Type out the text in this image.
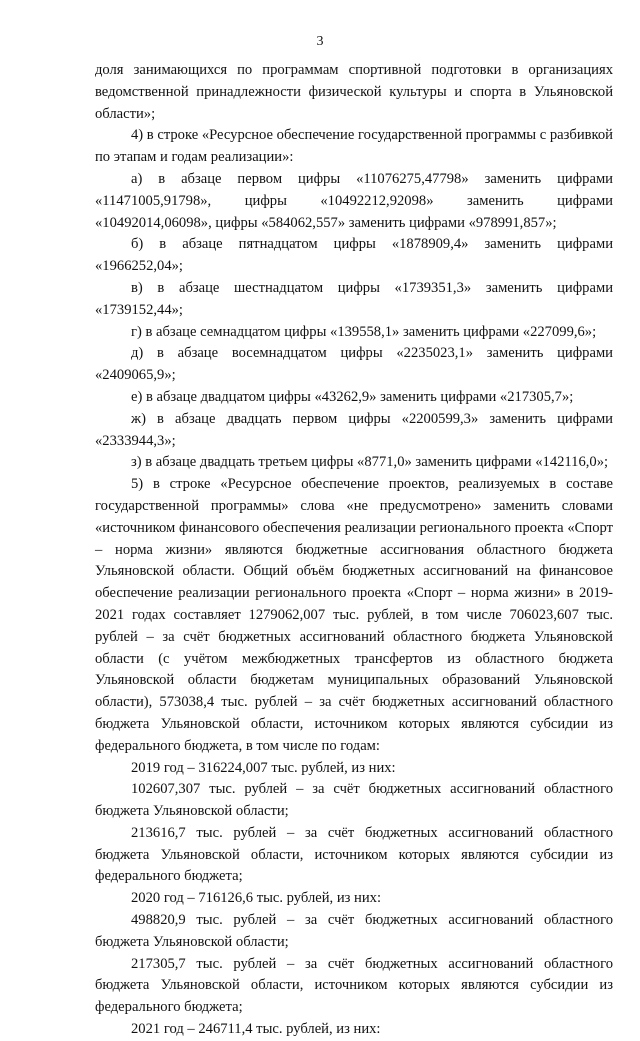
3

доля занимающихся по программам спортивной подготовки в организациях ведомственной принадлежности физической культуры и спорта в Ульяновской области»;

4) в строке «Ресурсное обеспечение государственной программы с разбивкой по этапам и годам реализации»:

а) в абзаце первом цифры «11076275,47798» заменить цифрами «11471005,91798», цифры «10492212,92098» заменить цифрами «10492014,06098», цифры «584062,557» заменить цифрами «978991,857»;

б) в абзаце пятнадцатом цифры «1878909,4» заменить цифрами «1966252,04»;

в) в абзаце шестнадцатом цифры «1739351,3» заменить цифрами «1739152,44»;

г) в абзаце семнадцатом цифры «139558,1» заменить цифрами «227099,6»;

д) в абзаце восемнадцатом цифры «2235023,1» заменить цифрами «2409065,9»;

е) в абзаце двадцатом цифры «43262,9» заменить цифрами «217305,7»;

ж) в абзаце двадцать первом цифры «2200599,3» заменить цифрами «2333944,3»;

з) в абзаце двадцать третьем цифры «8771,0» заменить цифрами «142116,0»;

5) в строке «Ресурсное обеспечение проектов, реализуемых в составе государственной программы» слова «не предусмотрено» заменить словами «источником финансового обеспечения реализации регионального проекта «Спорт – норма жизни» являются бюджетные ассигнования областного бюджета Ульяновской области. Общий объём бюджетных ассигнований на финансовое обеспечение реализации регионального проекта «Спорт – норма жизни» в 2019-2021 годах составляет 1279062,007 тыс. рублей, в том числе 706023,607 тыс. рублей – за счёт бюджетных ассигнований областного бюджета Ульяновской области (с учётом межбюджетных трансфертов из областного бюджета Ульяновской области бюджетам муниципальных образований Ульяновской области), 573038,4 тыс. рублей – за счёт бюджетных ассигнований областного бюджета Ульяновской области, источником которых являются субсидии из федерального бюджета, в том числе по годам:

2019 год – 316224,007 тыс. рублей, из них:

102607,307 тыс. рублей – за счёт бюджетных ассигнований областного бюджета Ульяновской области;

213616,7 тыс. рублей – за счёт бюджетных ассигнований областного бюджета Ульяновской области, источником которых являются субсидии из федерального бюджета;

2020 год – 716126,6 тыс. рублей, из них:

498820,9 тыс. рублей – за счёт бюджетных ассигнований областного бюджета Ульяновской области;

217305,7 тыс. рублей – за счёт бюджетных ассигнований областного бюджета Ульяновской области, источником которых являются субсидии из федерального бюджета;

2021 год – 246711,4 тыс. рублей, из них:
